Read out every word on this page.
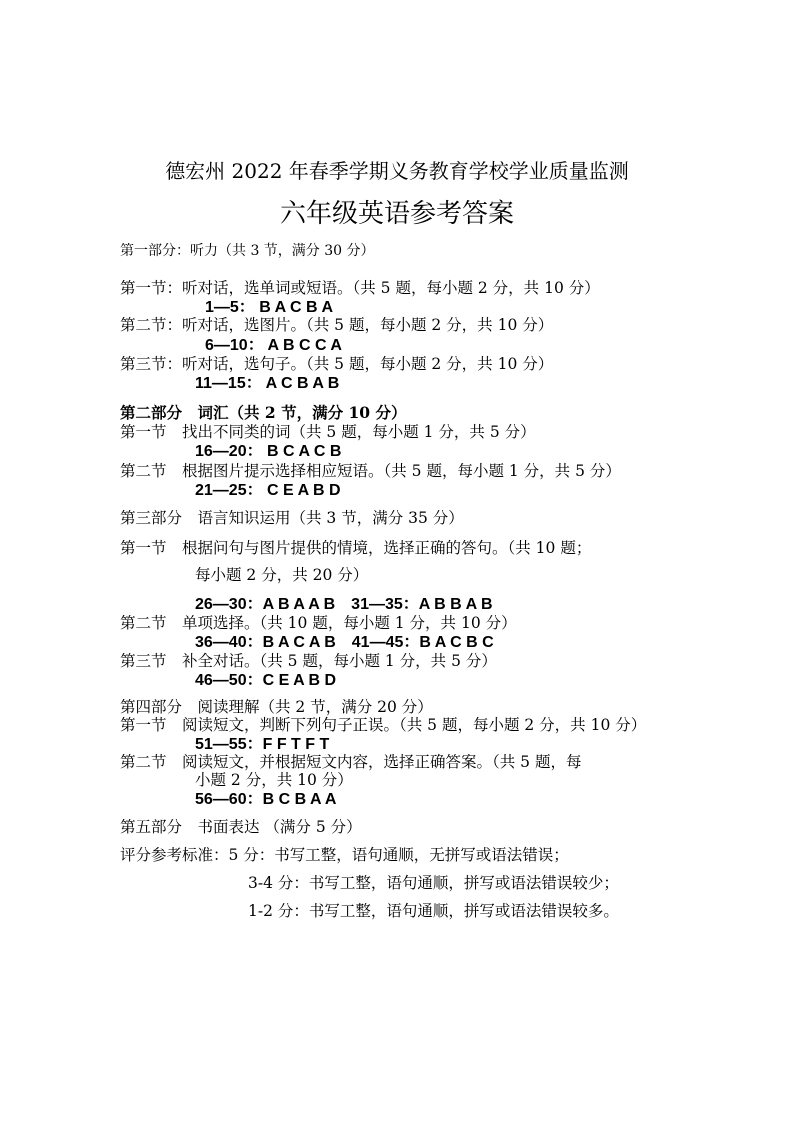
德宏州 2022 年春季学期义务教育学校学业质量监测
六年级英语参考答案
第一部分：听力（共 3 节，满分 30 分）
第一节：听对话，选单词或短语。（共 5 题，每小题 2 分，共 10 分）
1—5： B A C B A
第二节：听对话，选图片。（共 5 题，每小题 2 分，共 10 分）
6—10： A B C C A
第三节：听对话，选句子。（共 5 题，每小题 2 分，共 10 分）
11—15： A C B A B
第二部分　词汇（共 2 节，满分 10 分）
第一节　找出不同类的词（共 5 题，每小题 1 分，共 5 分）
16—20： B C A C B
第二节　根据图片提示选择相应短语。（共 5 题，每小题 1 分，共 5 分）
21—25： C E A B D
第三部分　语言知识运用（共 3 节，满分 35 分）
第一节　根据问句与图片提供的情境，选择正确的答句。（共 10 题；
每小题 2 分，共 20 分）
26—30：A B A A B　31—35：A B B A B
第二节　单项选择。（共 10 题，每小题 1 分，共 10 分）
36—40：B A C A B　41—45：B A C B C
第三节　补全对话。（共 5 题，每小题 1 分，共 5 分）
46—50：C E A B D
第四部分　阅读理解（共 2 节，满分 20 分）
第一节　阅读短文，判断下列句子正误。（共 5 题，每小题 2 分，共 10 分）
51—55：F F T F T
第二节　阅读短文，并根据短文内容，选择正确答案。（共 5 题，每
小题 2 分，共 10 分）
56—60：B C B A A
第五部分　书面表达 （满分 5 分）
评分参考标准：5 分：书写工整，语句通顺，无拼写或语法错误；
3-4 分：书写工整，语句通顺，拼写或语法错误较少；
1-2 分：书写工整，语句通顺，拼写或语法错误较多。
